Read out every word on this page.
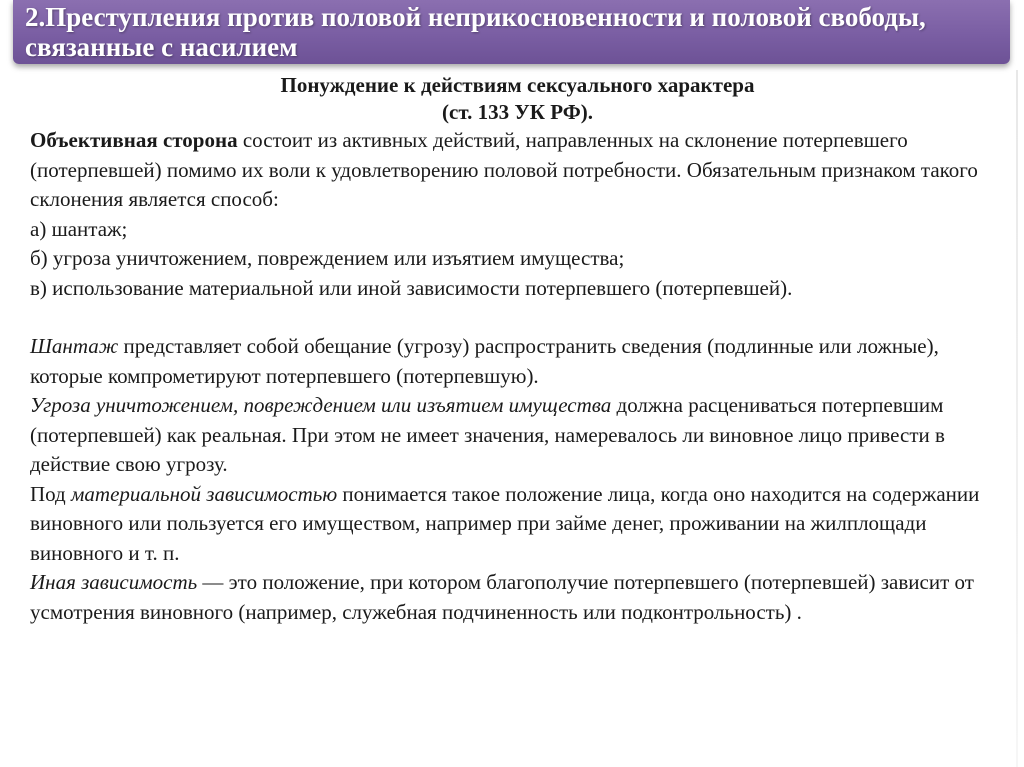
2.Преступления против половой неприкосновенности и половой свободы, связанные с насилием

Понуждение к действиям сексуального характера

(ст. 133 УК РФ).

Объективная сторона состоит из активных действий, направленных на склонение потерпевшего (потерпевшей) помимо их воли к удовлетворению половой потребности. Обязательным признаком такого склонения является способ:

а) шантаж;

б) угроза уничтожением, повреждением или изъятием имущества;

в) использование материальной или иной зависимости потерпевшего (потерпевшей).

Шантаж представляет собой обещание (угрозу) распространить сведения (подлинные или ложные), которые компрометируют потерпевшего (потерпевшую).

Угроза уничтожением, повреждением или изъятием имущества должна расцениваться потерпевшим (потерпевшей) как реальная. При этом не имеет значения, намеревалось ли виновное лицо привести в действие свою угрозу.

Под материальной зависимостью понимается такое положение лица, когда оно находится на содержании виновного или пользуется его имуществом, например при займе денег, проживании на жилплощади виновного и т. п.

Иная зависимость — это положение, при котором благополучие потерпевшего (потерпевшей) зависит от усмотрения виновного (например, служебная подчиненность или подконтрольность) .
